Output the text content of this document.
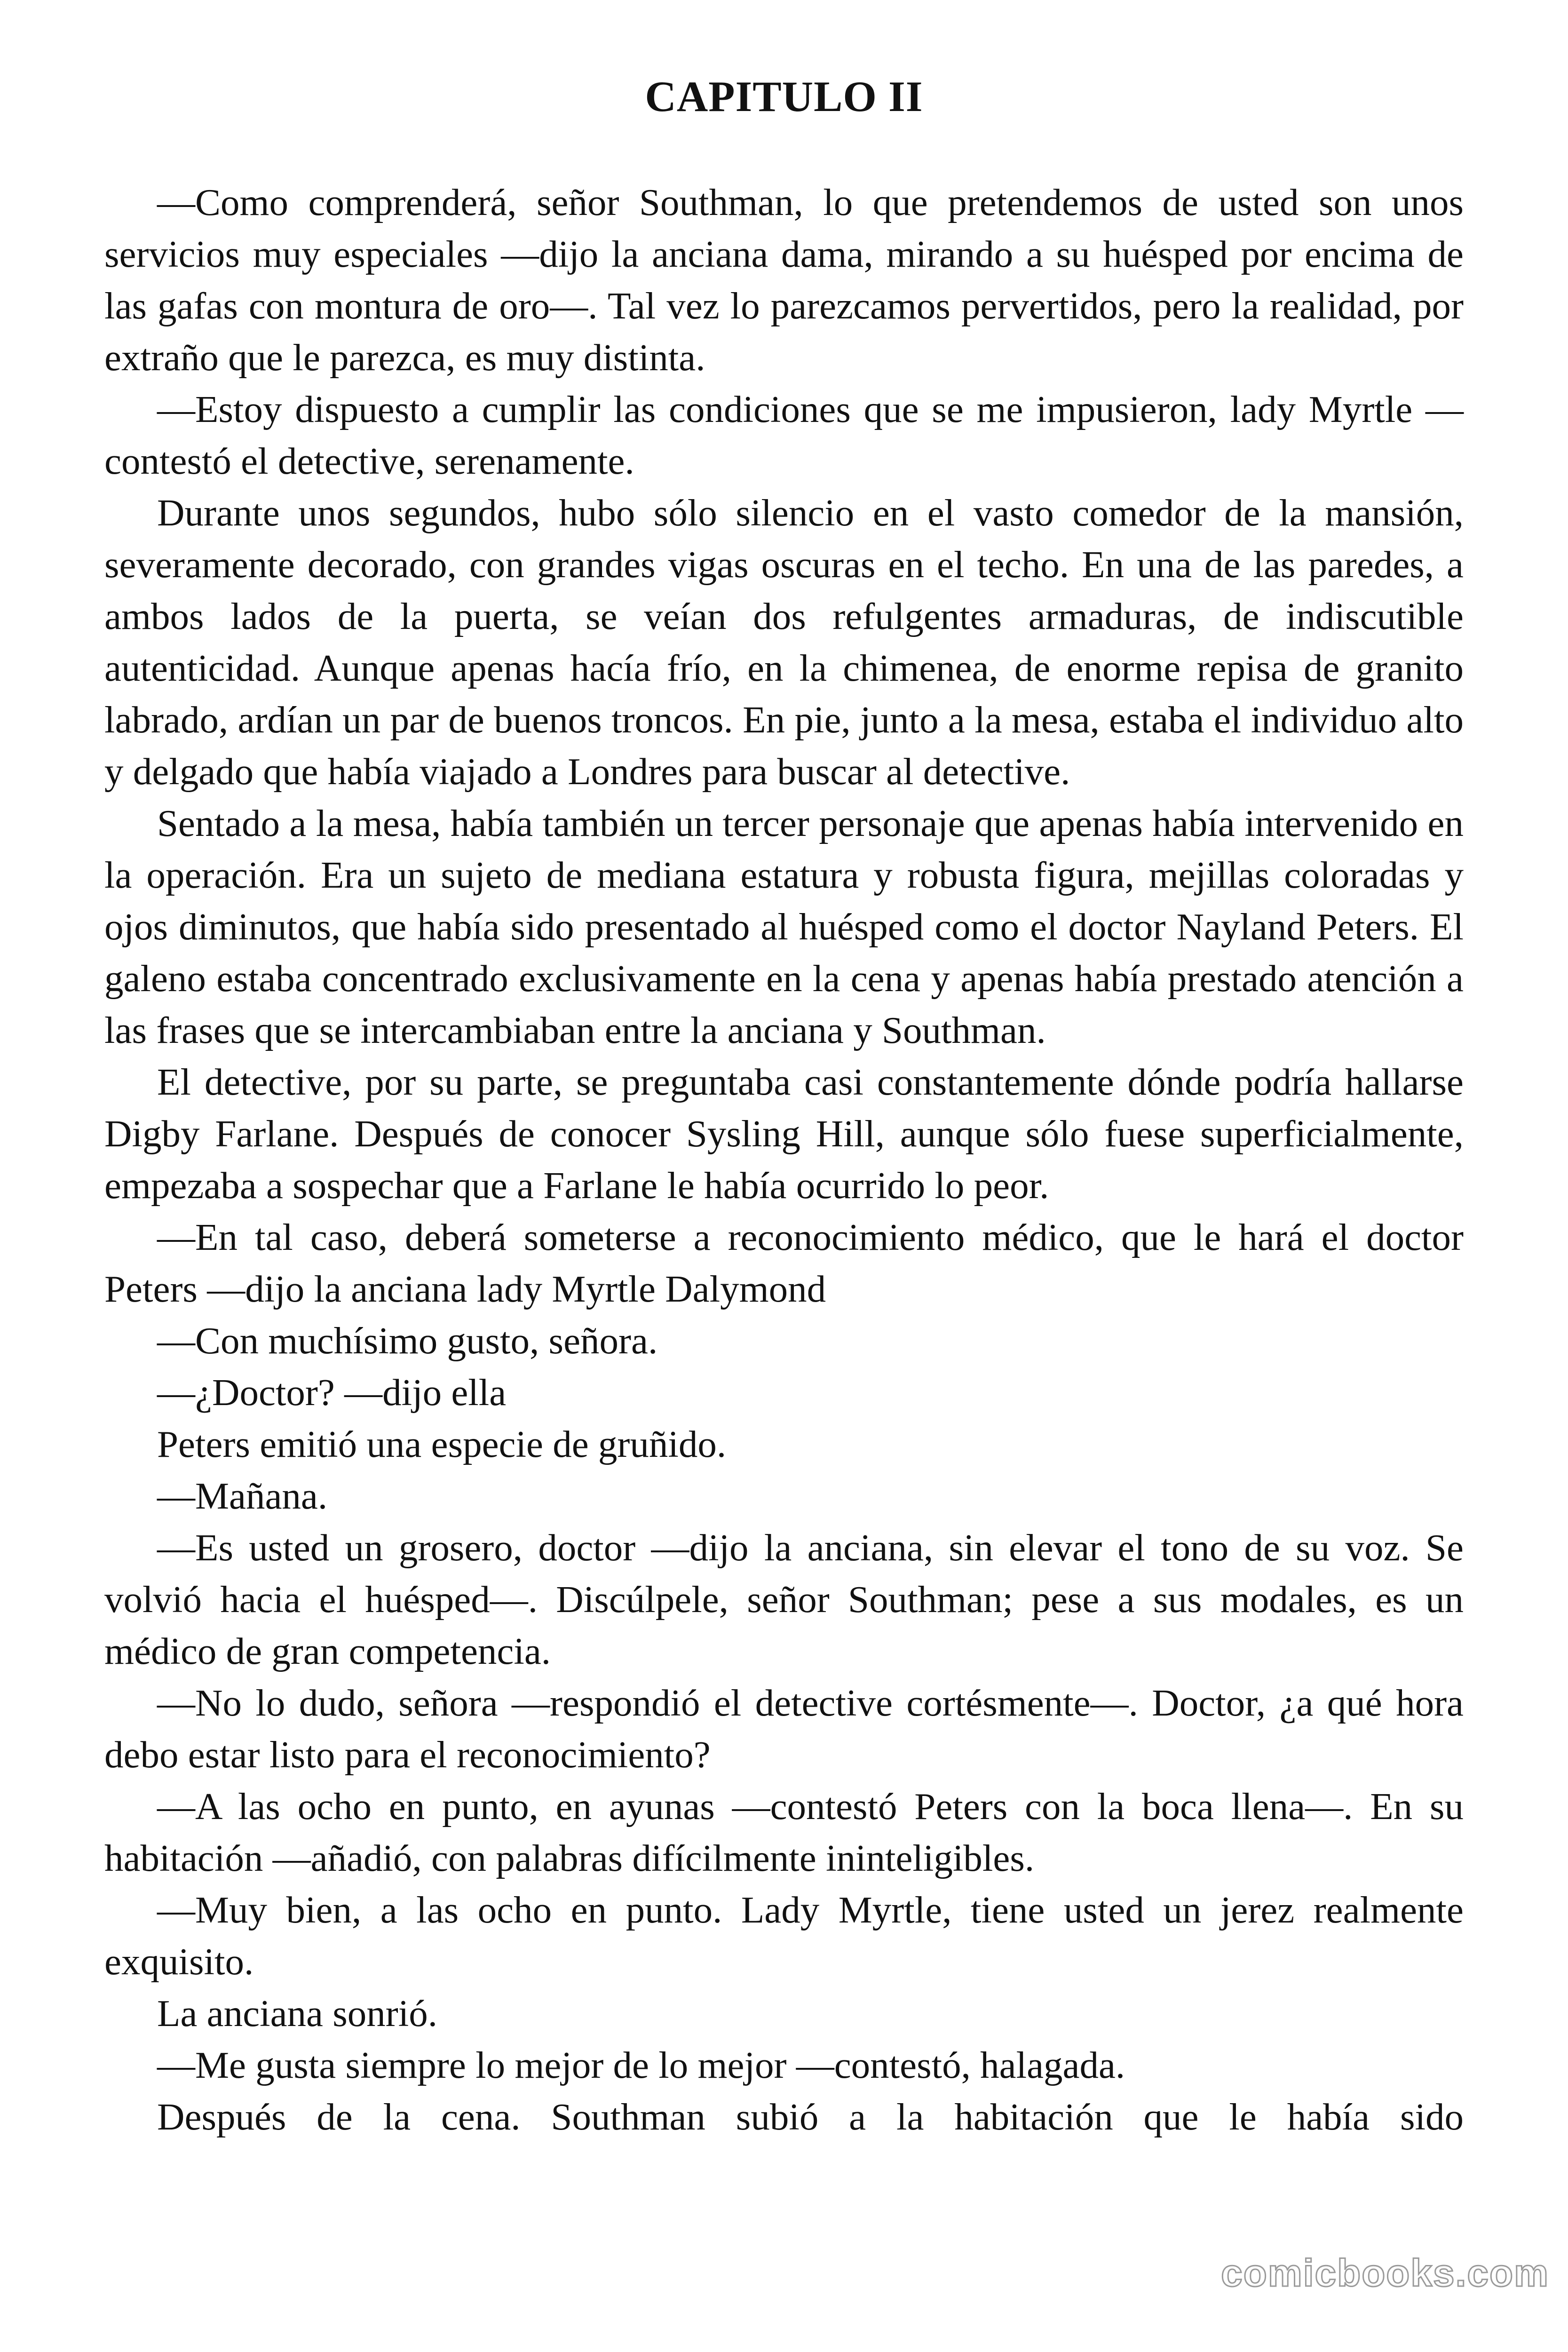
CAPITULO II

—Como comprenderá, señor Southman, lo que pretendemos de usted son unos servicios muy especiales —dijo la anciana dama, mirando a su huésped por encima de las gafas con montura de oro—. Tal vez lo parezcamos pervertidos, pero la realidad, por extraño que le parezca, es muy distinta.

—Estoy dispuesto a cumplir las condiciones que se me impusieron, lady Myrtle —contestó el detective, serenamente.

Durante unos segundos, hubo sólo silencio en el vasto comedor de la mansión, severamente decorado, con grandes vigas oscuras en el techo. En una de las paredes, a ambos lados de la puerta, se veían dos refulgentes armaduras, de indiscutible autenticidad. Aunque apenas hacía frío, en la chimenea, de enorme repisa de granito labrado, ardían un par de buenos troncos. En pie, junto a la mesa, estaba el individuo alto y delgado que había viajado a Londres para buscar al detective.

Sentado a la mesa, había también un tercer personaje que apenas había intervenido en la operación. Era un sujeto de mediana estatura y robusta figura, mejillas coloradas y ojos diminutos, que había sido presentado al huésped como el doctor Nayland Peters. El galeno estaba concentrado exclusivamente en la cena y apenas había prestado atención a las frases que se intercambiaban entre la anciana y Southman.

El detective, por su parte, se preguntaba casi constantemente dónde podría hallarse Digby Farlane. Después de conocer Sysling Hill, aunque sólo fuese superficialmente, empezaba a sospechar que a Farlane le había ocurrido lo peor.

—En tal caso, deberá someterse a reconocimiento médico, que le hará el doctor Peters —dijo la anciana lady Myrtle Dalymond

—Con muchísimo gusto, señora.

—¿Doctor? —dijo ella

Peters emitió una especie de gruñido.

—Mañana.

—Es usted un grosero, doctor —dijo la anciana, sin elevar el tono de su voz. Se volvió hacia el huésped—. Discúlpele, señor Southman; pese a sus modales, es un médico de gran competencia.

—No lo dudo, señora —respondió el detective cortésmente—. Doctor, ¿a qué hora debo estar listo para el reconocimiento?

—A las ocho en punto, en ayunas —contestó Peters con la boca llena—. En su habitación —añadió, con palabras difícilmente ininteligibles.

—Muy bien, a las ocho en punto. Lady Myrtle, tiene usted un jerez realmente exquisito.

La anciana sonrió.

—Me gusta siempre lo mejor de lo mejor —contestó, halagada.

Después de la cena. Southman subió a la habitación que le había sido

comicbooks.com
